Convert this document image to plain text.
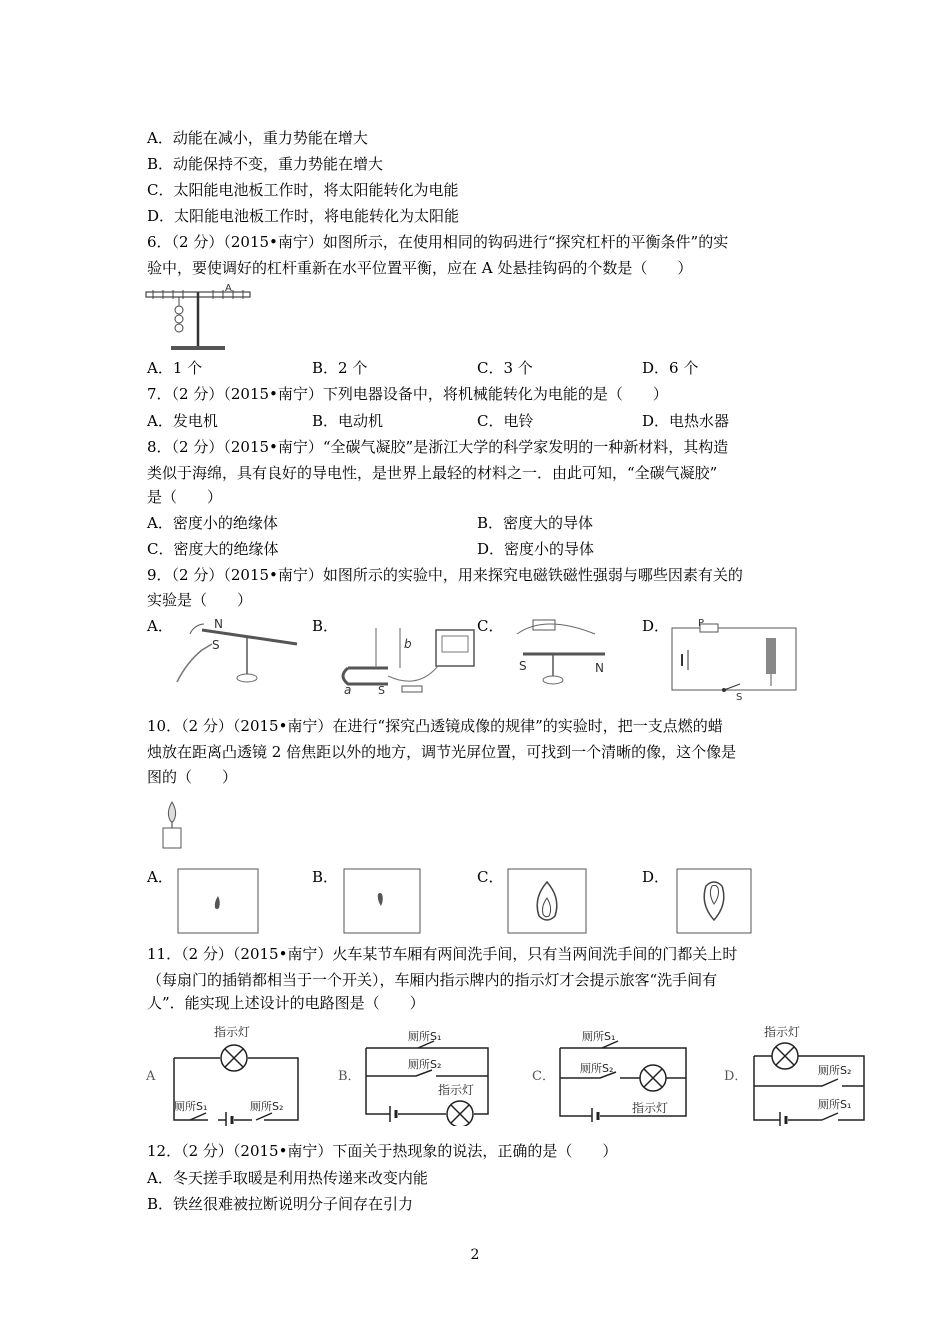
A．动能在减小，重力势能在增大
B．动能保持不变，重力势能在增大
C．太阳能电池板工作时，将太阳能转化为电能
D．太阳能电池板工作时，将电能转化为太阳能
6．（2 分）（2015•南宁）如图所示，在使用相同的钩码进行“探究杠杆的平衡条件”的实
验中，要使调好的杠杆重新在水平位置平衡，应在 A 处悬挂钩码的个数是（　　）
A
A．1 个	B．2 个	C．3 个	D．6 个
7．（2 分）（2015•南宁）下列电器设备中，将机械能转化为电能的是（　　）
A．发电机	B．电动机	C．电铃	D．电热水器
8．（2 分）（2015•南宁）“全碳气凝胶”是浙江大学的科学家发明的一种新材料，其构造
类似于海绵，具有良好的导电性，是世界上最轻的材料之一．由此可知，“全碳气凝胶”
是（　　）
A．密度小的绝缘体	B．密度大的导体
C．密度大的绝缘体	D．密度小的导体
9．（2 分）（2015•南宁）如图所示的实验中，用来探究电磁铁磁性强弱与哪些因素有关的
实验是（　　）
A．	B．	C．	D．
N
S	b
a S
S	N
P
S
10．（2 分）（2015•南宁）在进行“探究凸透镜成像的规律”的实验时，把一支点燃的蜡
烛放在距离凸透镜 2 倍焦距以外的地方，调节光屏位置，可找到一个清晰的像，这个像是
图的（　　）
A．	B．	C．	D．
11．（2 分）（2015•南宁）火车某节车厢有两间洗手间，只有当两间洗手间的门都关上时
（每扇门的插销都相当于一个开关），车厢内指示牌内的指示灯才会提示旅客“洗手间有
人”．能实现上述设计的电路图是（　　）
A	B．	C．	D．
指示灯
厕所S₁	厕所S₂
厕所S₁
厕所S₂
指示灯
厕所S₁
厕所S₂
指示灯
指示灯
厕所S₂
厕所S₁
12．（2 分）（2015•南宁）下面关于热现象的说法，正确的是（　　）
A．冬天搓手取暖是利用热传递来改变内能
B．铁丝很难被拉断说明分子间存在引力
2
